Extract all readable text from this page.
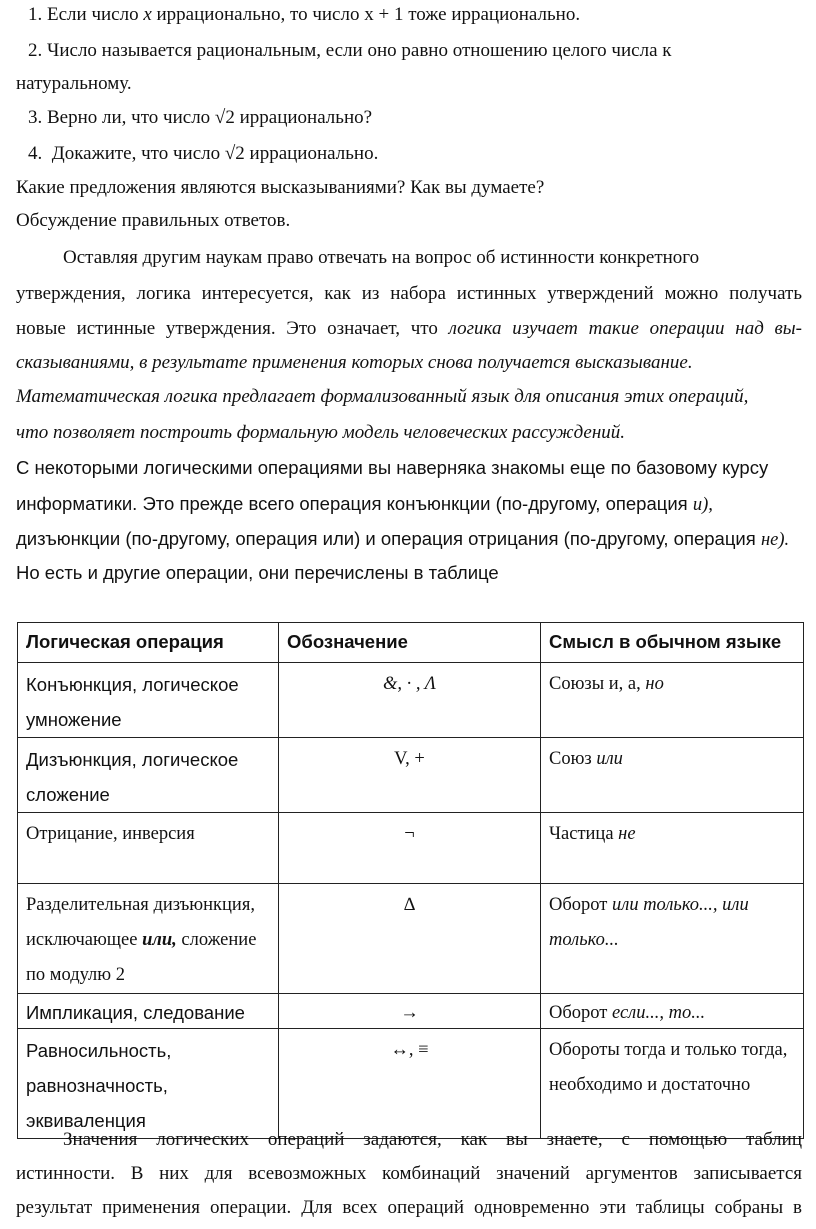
1. Если число x иррационально, то число x + 1 тоже иррационально.
2. Число называется рациональным, если оно равно отношению целого числа к
натуральному.
3. Верно ли, что число √2 иррационально?
4.  Докажите, что число √2 иррационально.
Какие предложения являются высказываниями? Как вы думаете?
Обсуждение правильных ответов.
Оставляя другим наукам право отвечать на вопрос об истинности конкретного
утверждения, логика интересуется, как из набора истинных утверждений можно получать
новые истинные утверждения. Это означает, что логика изучает такие операции над вы-
сказываниями, в результате применения которых снова получается высказывание.
Математическая логика предлагает формализованный язык для описания этих операций,
что позволяет построить формальную модель человеческих рассуждений.
С некоторыми логическими операциями вы наверняка знакомы еще по базовому курсу
информатики. Это прежде всего операция конъюнкции (по-другому, операция и),
дизъюнкции (по-другому, операция или) и операция отрицания (по-другому, операция не).
Но есть и другие операции, они перечислены в таблице
Логическая операция	Обозначение	Смысл в обычном языке
Конъюнкция, логическое умножение	&, · , Λ	Союзы и, а, но
Дизъюнкция, логическое сложение	V, +	Союз или
Отрицание, инверсия	¬	Частица не
Разделительная дизъюнкция, исключающее или, сложение по модулю 2	∆	Оборот или только..., или только...
Импликация, следование	→	Оборот если..., то...
Равносильность, равнозначность, эквиваленция	↔, ≡	Обороты тогда и только тогда, необходимо и достаточно
Значения логических операций задаются, как вы знаете, с помощью таблиц
истинности. В них для всевозможных комбинаций значений аргументов записывается
результат применения операции. Для всех операций одновременно эти таблицы собраны в
